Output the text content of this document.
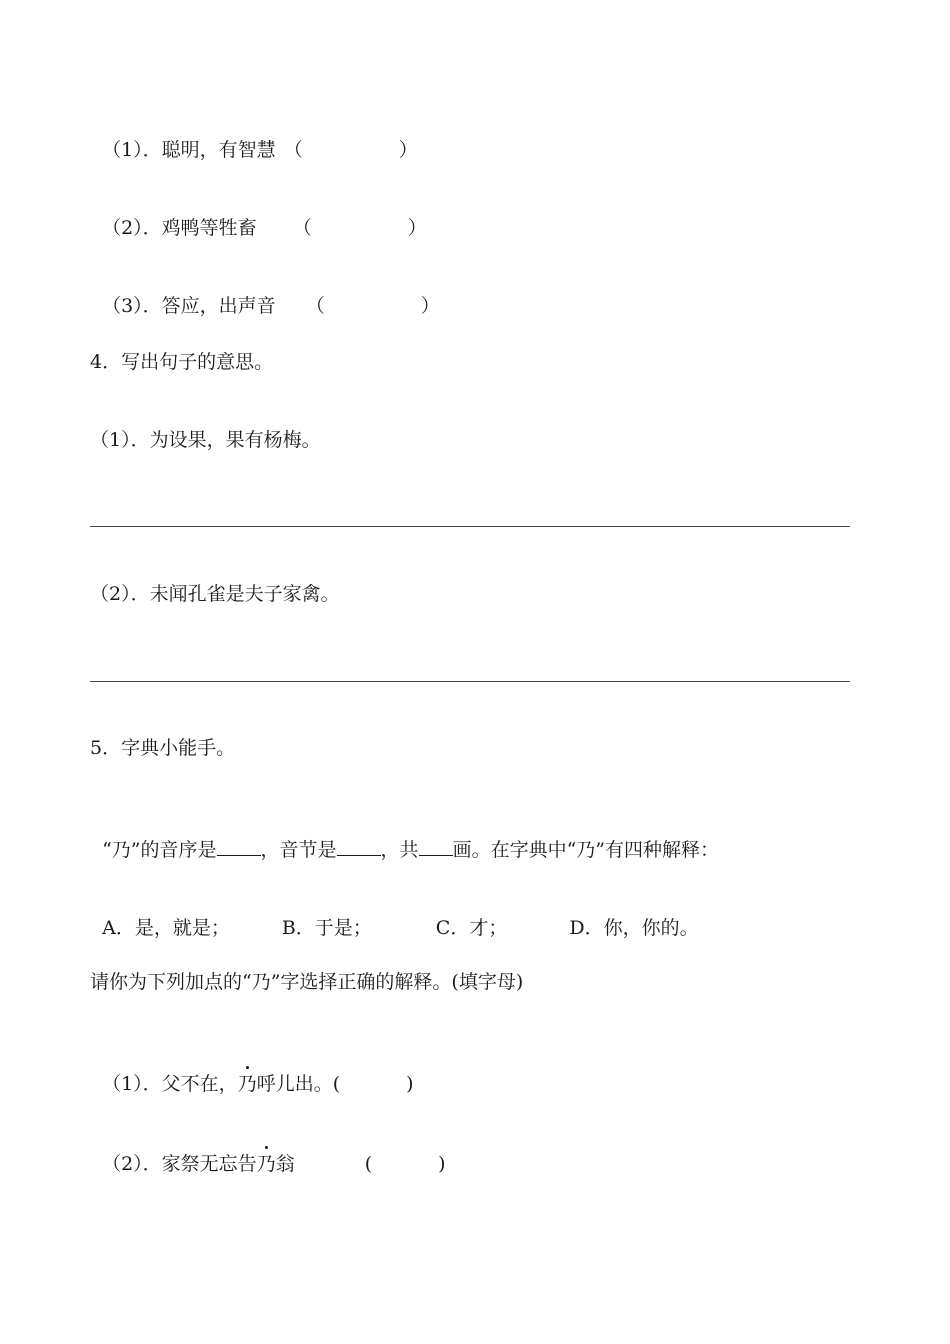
（1）．聪明，有智慧 （	）

（2）．鸡鸭等牲畜 （	）

（3）．答应，出声音 （	）

4．写出句子的意思。
（1）．为设果，果有杨梅。
（2）．未闻孔雀是夫子家禽。
5．字典小能手。

“乃”的音序是 ，音节是 ，共 画。在字典中“乃”有四种解释：

A．是，就是；	B．于是；	C．才；	D．你，你的。

请你为下列加点的“乃”字选择正确的解释。(填字母)

（1）．父不在，乃呼儿出。(	)

（2）．家祭无忘告乃翁	(	)
